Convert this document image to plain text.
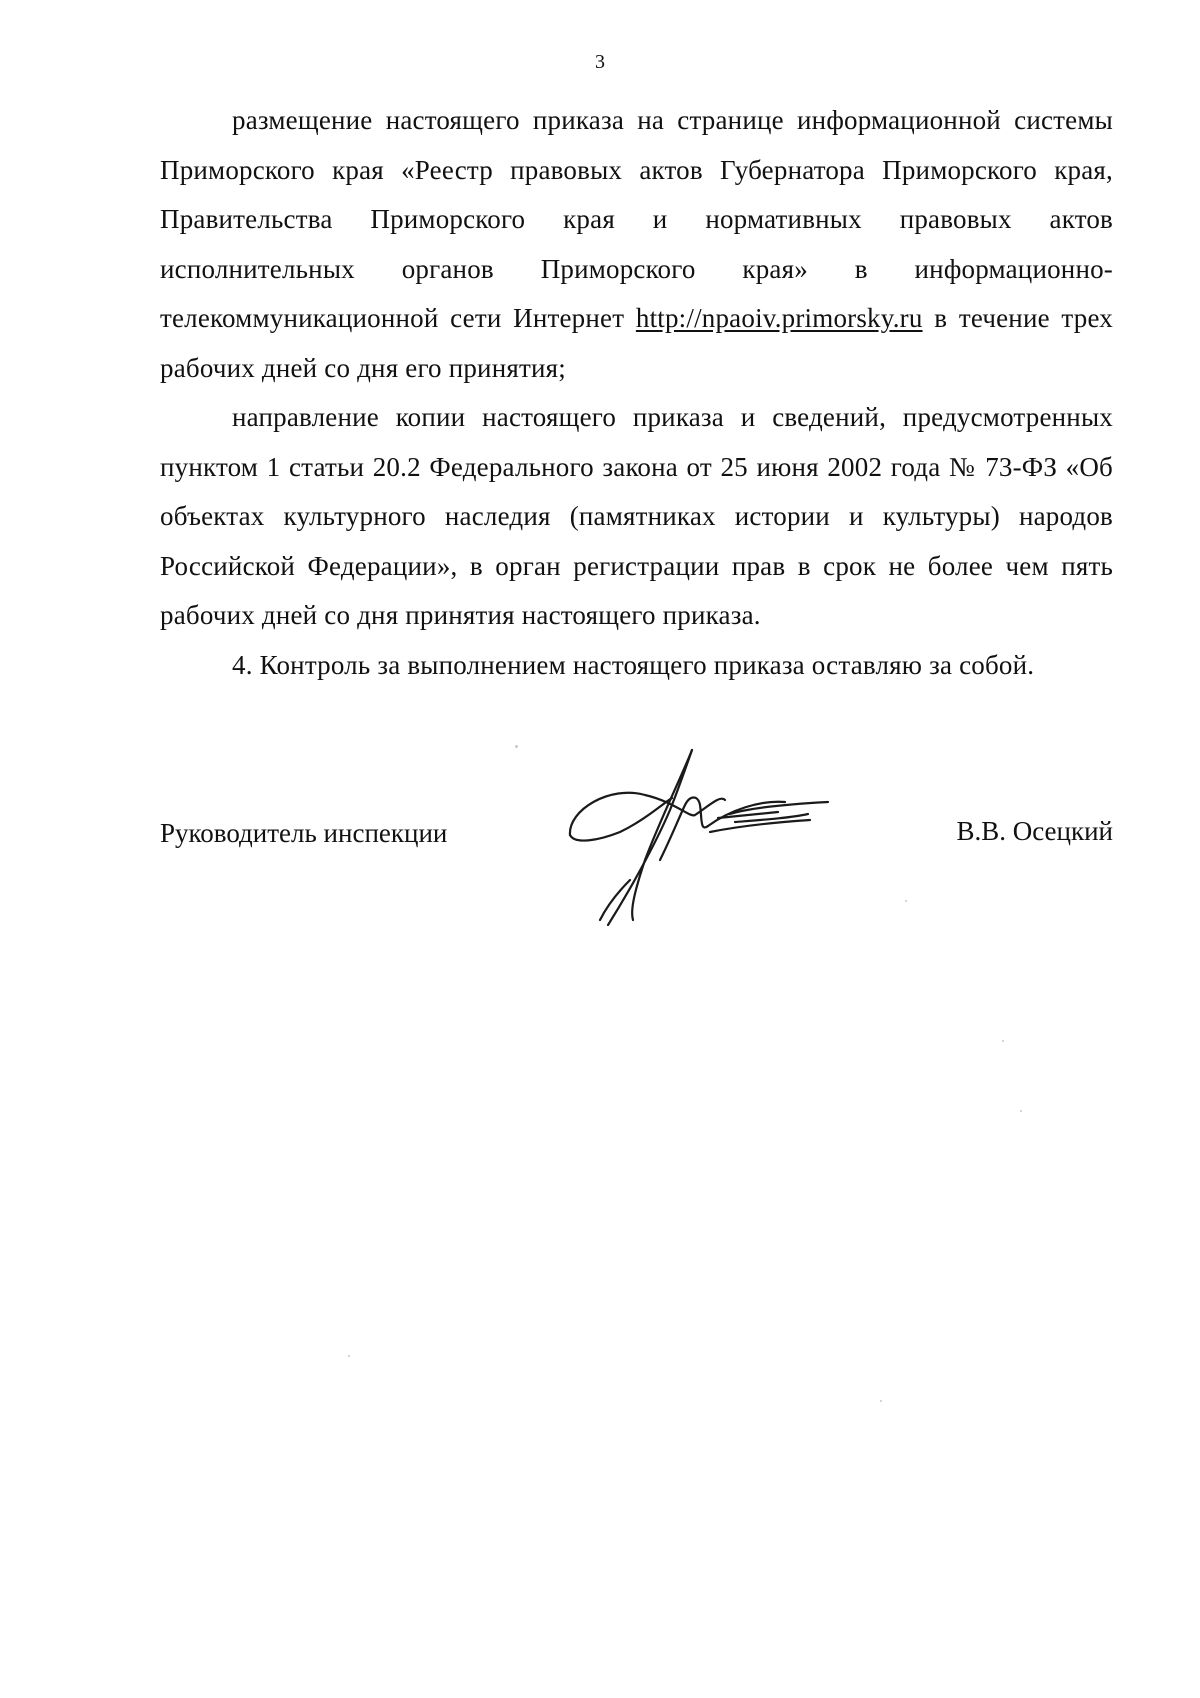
3

размещение настоящего приказа на странице информационной системы Приморского края «Реестр правовых актов Губернатора Приморского края, Правительства Приморского края и нормативных правовых актов исполнительных органов Приморского края» в информационно-телекоммуникационной сети Интернет http://npaoiv.primorsky.ru в течение трех рабочих дней со дня его принятия;

направление копии настоящего приказа и сведений, предусмотренных пунктом 1 статьи 20.2 Федерального закона от 25 июня 2002 года № 73-ФЗ «Об объектах культурного наследия (памятниках истории и культуры) народов Российской Федерации», в орган регистрации прав в срок не более чем пять рабочих дней со дня принятия настоящего приказа.

4. Контроль за выполнением настоящего приказа оставляю за собой.

Руководитель инспекции	В.В. Осецкий
